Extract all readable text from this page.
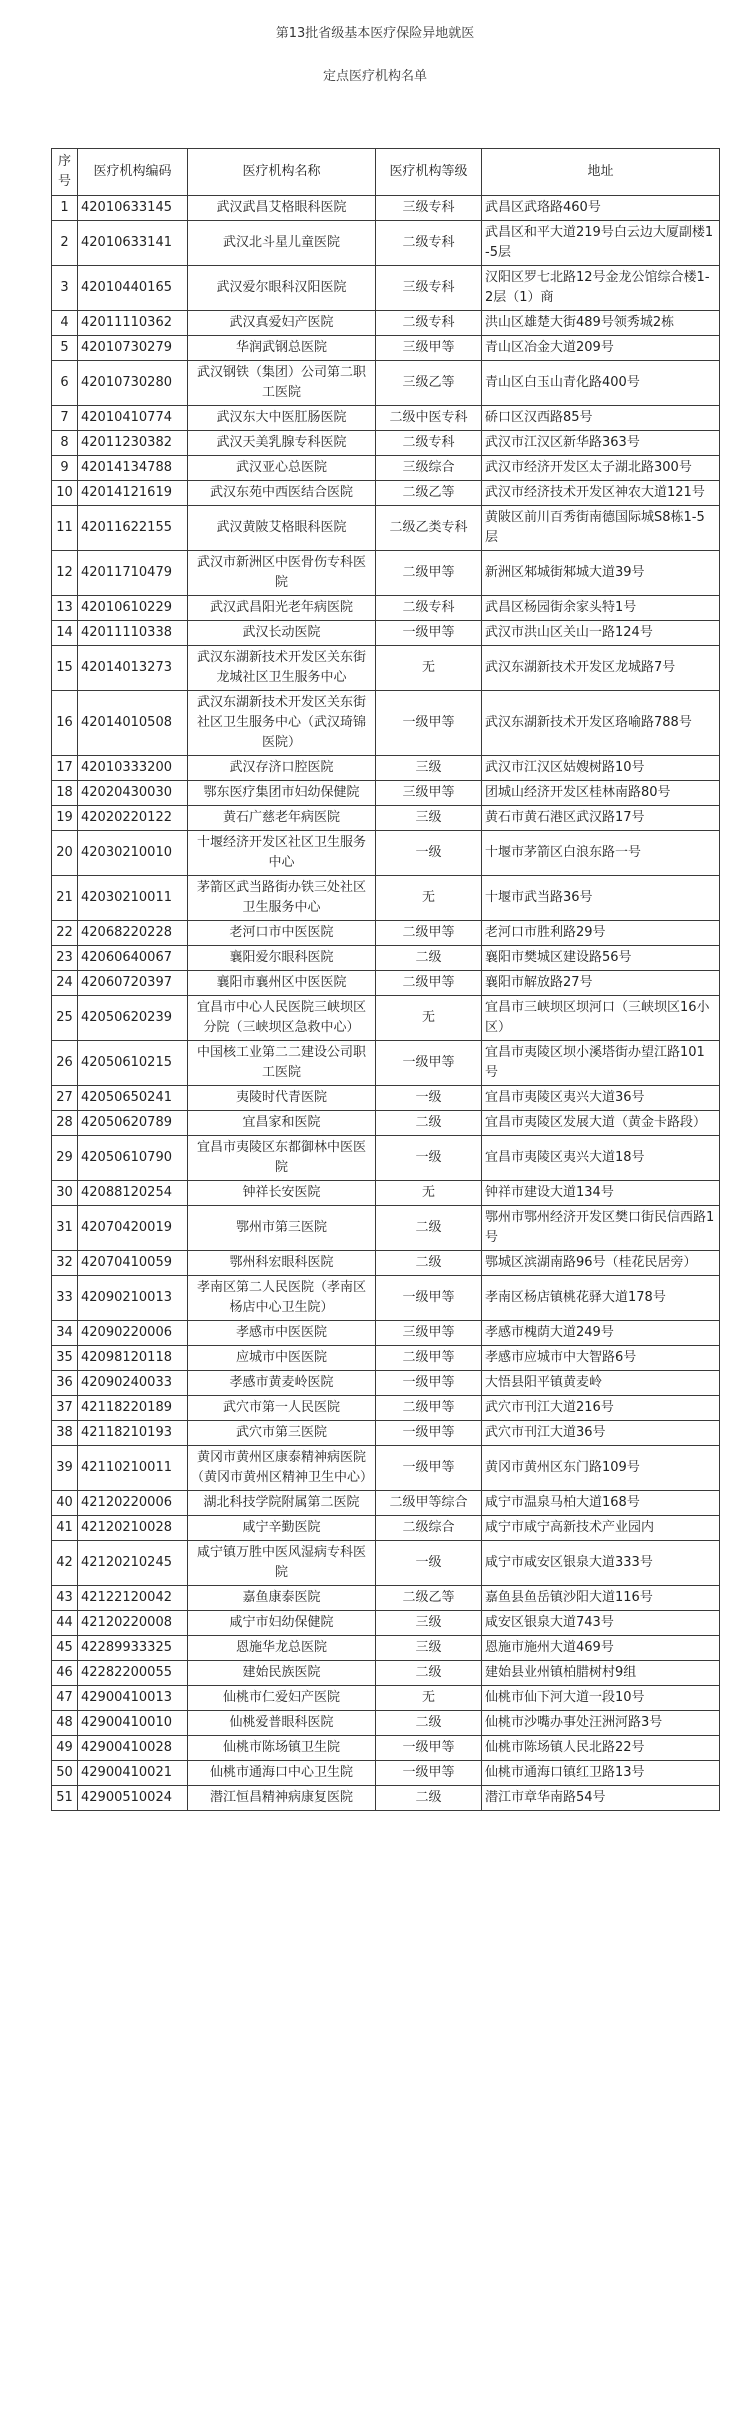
第13批省级基本医疗保险异地就医
定点医疗机构名单
序号	医疗机构编码	医疗机构名称	医疗机构等级	地址
1	42010633145	武汉武昌艾格眼科医院	三级专科	武昌区武珞路460号
2	42010633141	武汉北斗星儿童医院	二级专科	武昌区和平大道219号白云边大厦副楼1-5层
3	42010440165	武汉爱尔眼科汉阳医院	三级专科	汉阳区罗七北路12号金龙公馆综合楼1-2层（1）商
4	42011110362	武汉真爱妇产医院	二级专科	洪山区雄楚大街489号领秀城2栋
5	42010730279	华润武钢总医院	三级甲等	青山区冶金大道209号
6	42010730280	武汉钢铁（集团）公司第二职工医院	三级乙等	青山区白玉山青化路400号
7	42010410774	武汉东大中医肛肠医院	二级中医专科	硚口区汉西路85号
8	42011230382	武汉天美乳腺专科医院	二级专科	武汉市江汉区新华路363号
9	42014134788	武汉亚心总医院	三级综合	武汉市经济开发区太子湖北路300号
10	42014121619	武汉东苑中西医结合医院	二级乙等	武汉市经济技术开发区神农大道121号
11	42011622155	武汉黄陂艾格眼科医院	二级乙类专科	黄陂区前川百秀街南德国际城S8栋1-5层
12	42011710479	武汉市新洲区中医骨伤专科医院	二级甲等	新洲区邾城街邾城大道39号
13	42010610229	武汉武昌阳光老年病医院	二级专科	武昌区杨园街余家头特1号
14	42011110338	武汉长动医院	一级甲等	武汉市洪山区关山一路124号
15	42014013273	武汉东湖新技术开发区关东街龙城社区卫生服务中心	无	武汉东湖新技术开发区龙城路7号
16	42014010508	武汉东湖新技术开发区关东街社区卫生服务中心（武汉琦锦医院）	一级甲等	武汉东湖新技术开发区珞喻路788号
17	42010333200	武汉存济口腔医院	三级	武汉市江汉区姑嫂树路10号
18	42020430030	鄂东医疗集团市妇幼保健院	三级甲等	团城山经济开发区桂林南路80号
19	42020220122	黄石广慈老年病医院	三级	黄石市黄石港区武汉路17号
20	42030210010	十堰经济开发区社区卫生服务中心	一级	十堰市茅箭区白浪东路一号
21	42030210011	茅箭区武当路街办铁三处社区卫生服务中心	无	十堰市武当路36号
22	42068220228	老河口市中医医院	二级甲等	老河口市胜利路29号
23	42060640067	襄阳爱尔眼科医院	二级	襄阳市樊城区建设路56号
24	42060720397	襄阳市襄州区中医医院	二级甲等	襄阳市解放路27号
25	42050620239	宜昌市中心人民医院三峡坝区分院（三峡坝区急救中心）	无	宜昌市三峡坝区坝河口（三峡坝区16小区）
26	42050610215	中国核工业第二二建设公司职工医院	一级甲等	宜昌市夷陵区坝小溪塔街办望江路101号
27	42050650241	夷陵时代青医院	一级	宜昌市夷陵区夷兴大道36号
28	42050620789	宜昌家和医院	二级	宜昌市夷陵区发展大道（黄金卡路段）
29	42050610790	宜昌市夷陵区东都御林中医医院	一级	宜昌市夷陵区夷兴大道18号
30	42088120254	钟祥长安医院	无	钟祥市建设大道134号
31	42070420019	鄂州市第三医院	二级	鄂州市鄂州经济开发区樊口街民信西路1号
32	42070410059	鄂州科宏眼科医院	二级	鄂城区滨湖南路96号（桂花民居旁）
33	42090210013	孝南区第二人民医院（孝南区杨店中心卫生院）	一级甲等	孝南区杨店镇桃花驿大道178号
34	42090220006	孝感市中医医院	三级甲等	孝感市槐荫大道249号
35	42098120118	应城市中医医院	二级甲等	孝感市应城市中大智路6号
36	42090240033	孝感市黄麦岭医院	一级甲等	大悟县阳平镇黄麦岭
37	42118220189	武穴市第一人民医院	二级甲等	武穴市刊江大道216号
38	42118210193	武穴市第三医院	一级甲等	武穴市刊江大道36号
39	42110210011	黄冈市黄州区康泰精神病医院（黄冈市黄州区精神卫生中心）	一级甲等	黄冈市黄州区东门路109号
40	42120220006	湖北科技学院附属第二医院	二级甲等综合	咸宁市温泉马柏大道168号
41	42120210028	咸宁辛勤医院	二级综合	咸宁市咸宁高新技术产业园内
42	42120210245	咸宁镇万胜中医风湿病专科医院	一级	咸宁市咸安区银泉大道333号
43	42122120042	嘉鱼康泰医院	二级乙等	嘉鱼县鱼岳镇沙阳大道116号
44	42120220008	咸宁市妇幼保健院	三级	咸安区银泉大道743号
45	42289933325	恩施华龙总医院	三级	恩施市施州大道469号
46	42282200055	建始民族医院	二级	建始县业州镇柏腊树村9组
47	42900410013	仙桃市仁爱妇产医院	无	仙桃市仙下河大道一段10号
48	42900410010	仙桃爱普眼科医院	二级	仙桃市沙嘴办事处汪洲河路3号
49	42900410028	仙桃市陈场镇卫生院	一级甲等	仙桃市陈场镇人民北路22号
50	42900410021	仙桃市通海口中心卫生院	一级甲等	仙桃市通海口镇红卫路13号
51	42900510024	潜江恒昌精神病康复医院	二级	潜江市章华南路54号
